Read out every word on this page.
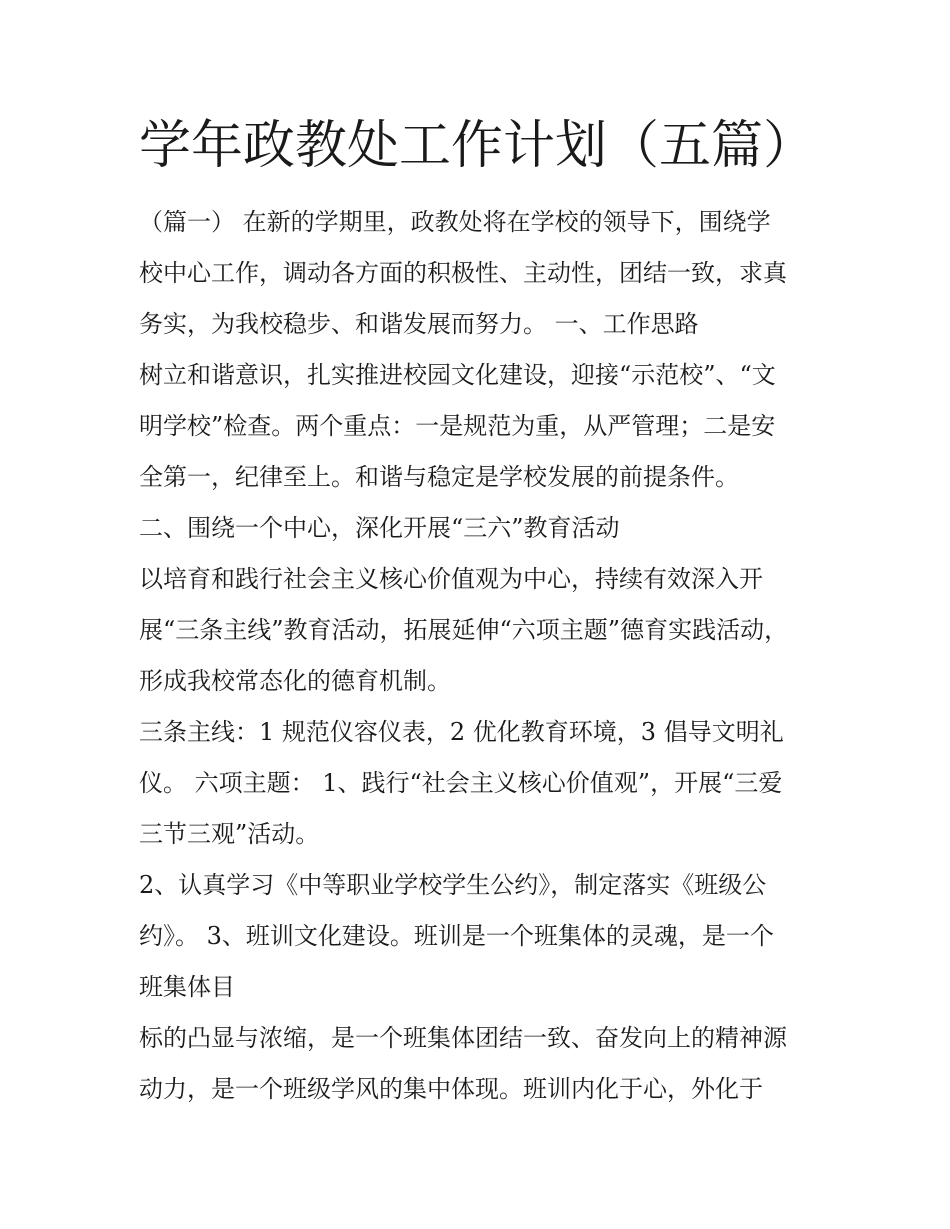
学年政教处工作计划（五篇）
（篇一） 在新的学期里，政教处将在学校的领导下，围绕学
校中心工作，调动各方面的积极性、主动性，团结一致，求真
务实，为我校稳步、和谐发展而努力。 一、工作思路
树立和谐意识，扎实推进校园文化建设，迎接“示范校”、“文
明学校”检查。两个重点：一是规范为重，从严管理；二是安
全第一，纪律至上。和谐与稳定是学校发展的前提条件。
二、围绕一个中心，深化开展“三六”教育活动
以培育和践行社会主义核心价值观为中心，持续有效深入开
展“三条主线”教育活动，拓展延伸“六项主题”德育实践活动，
形成我校常态化的德育机制。
三条主线：1 规范仪容仪表，2 优化教育环境，3 倡导文明礼
仪。 六项主题： 1、践行“社会主义核心价值观”，开展“三爱
三节三观”活动。
2、认真学习《中等职业学校学生公约》，制定落实《班级公
约》。 3、班训文化建设。班训是一个班集体的灵魂，是一个
班集体目
标的凸显与浓缩，是一个班集体团结一致、奋发向上的精神源
动力，是一个班级学风的集中体现。班训内化于心，外化于
